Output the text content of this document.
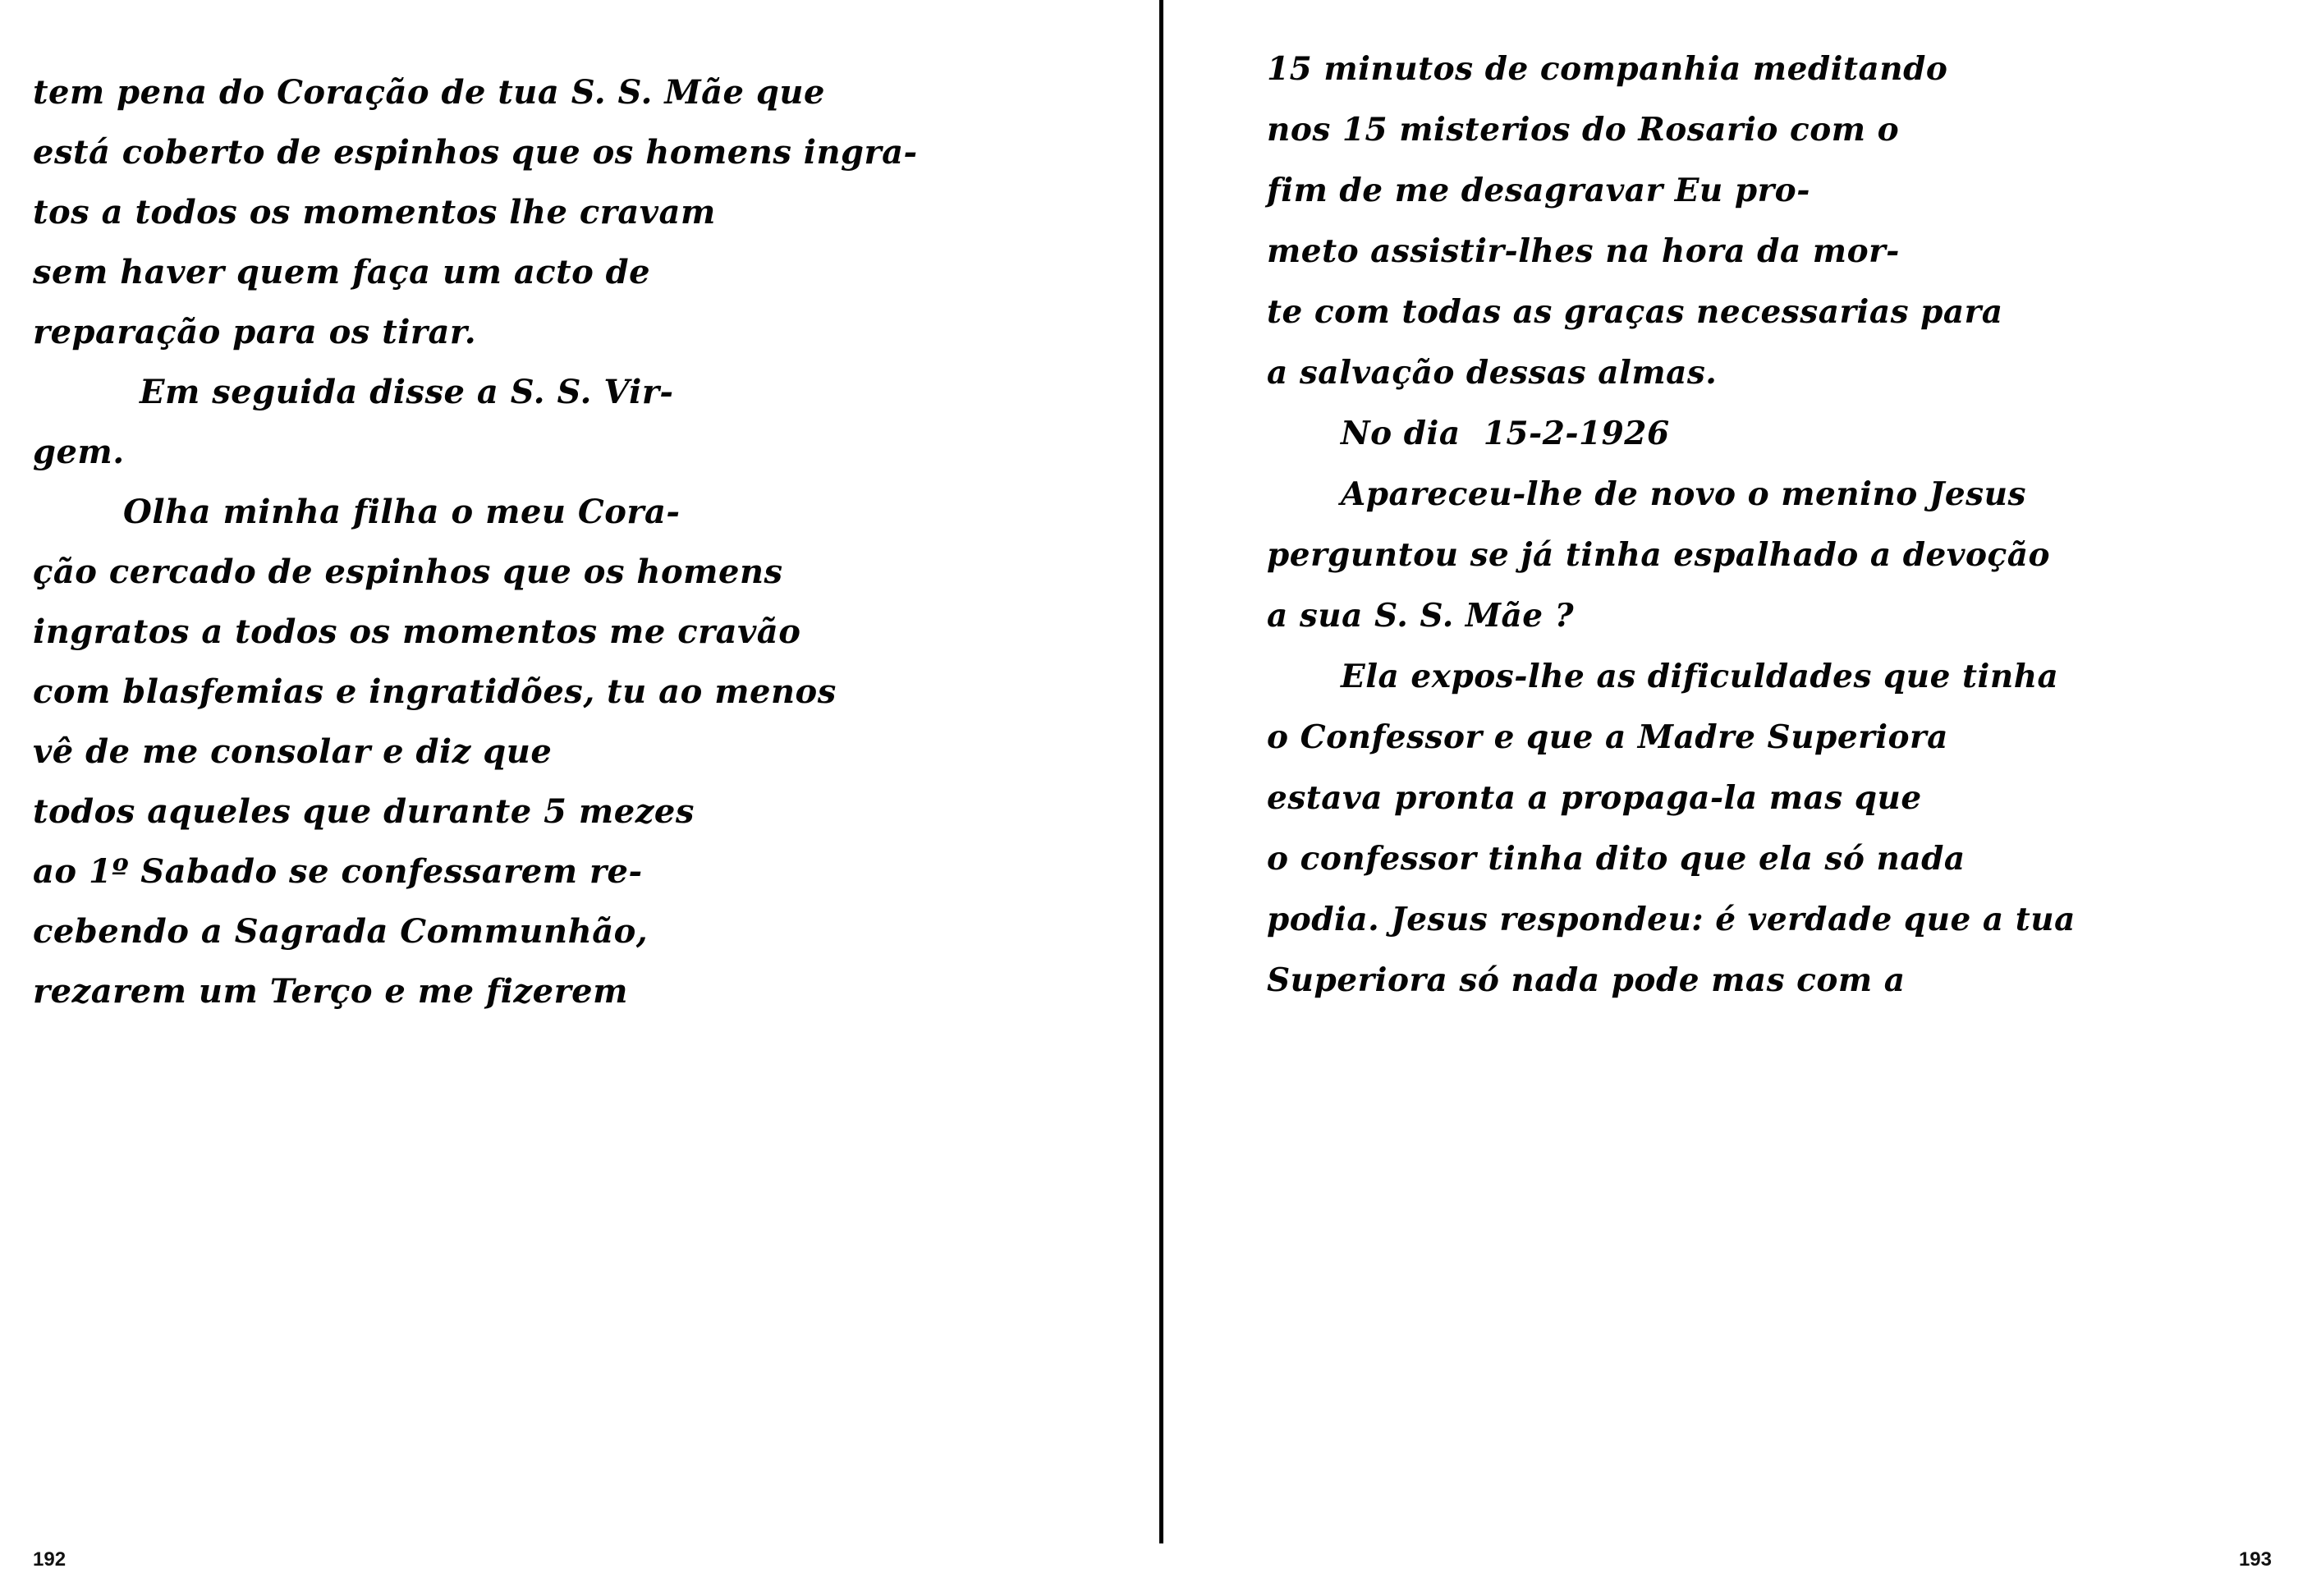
tem pena do Coração de tua S. S. Mãe que
está coberto de espinhos que os homens ingra-
tos a todos os momentos lhe cravam
sem haver quem faça um acto de
reparação para os tirar.
Em seguida disse a S. S. Vir-
gem.
Olha minha filha o meu Cora-
ção cercado de espinhos que os homens
ingratos a todos os momentos me cravão
com blasfemias e ingratidões, tu ao menos
vê de me consolar e diz que
todos aqueles que durante 5 mezes
ao 1º Sabado se confessarem re-
cebendo a Sagrada Communhão,
rezarem um Terço e me fizerem
192
15 minutos de companhia meditando
nos 15 misterios do Rosario com o
fim de me desagravar Eu pro-
meto assistir-lhes na hora da mor-
te com todas as graças necessarias para
a salvação dessas almas.
No dia  15-2-1926
Apareceu-lhe de novo o menino Jesus
perguntou se já tinha espalhado a devoção
a sua S. S. Mãe ?
Ela expos-lhe as dificuldades que tinha
o Confessor e que a Madre Superiora
estava pronta a propaga-la mas que
o confessor tinha dito que ela só nada
podia. Jesus respondeu: é verdade que a tua
Superiora só nada pode mas com a
193
